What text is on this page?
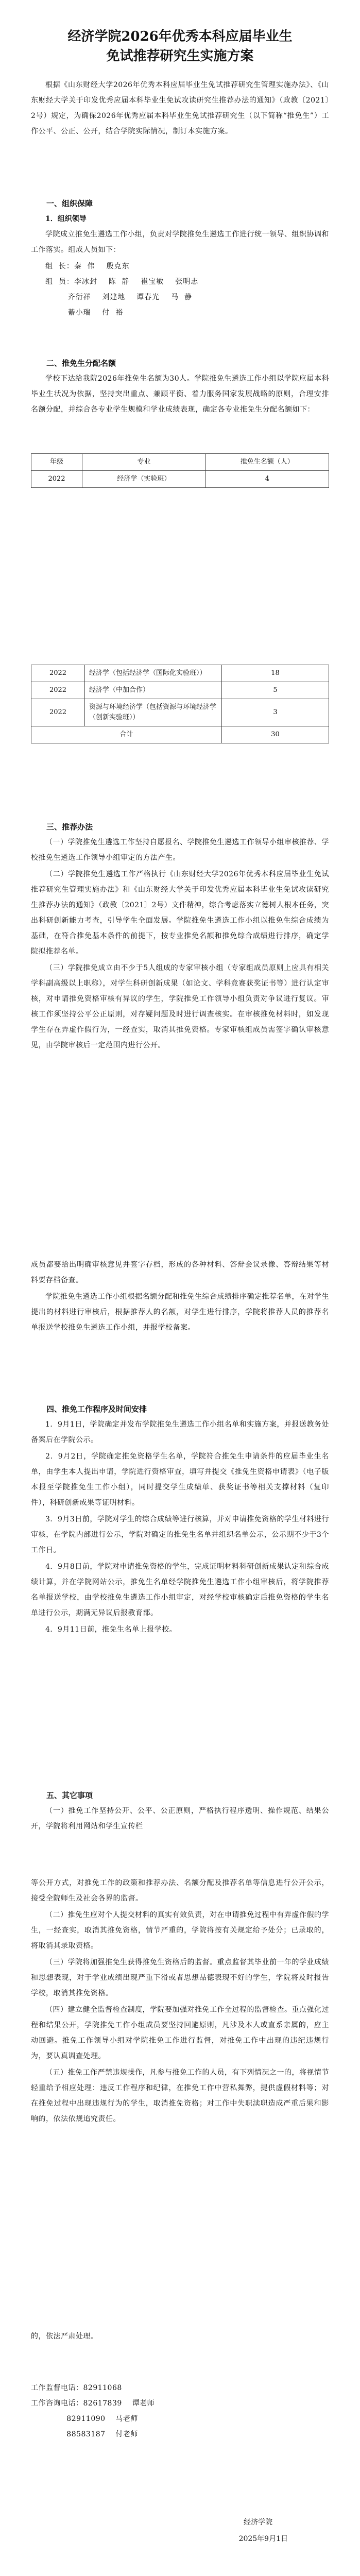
经济学院2026年优秀本科应届毕业生

免试推荐研究生实施方案

根据《山东财经大学2026年优秀本科应届毕业生免试推荐研究生管理实施办法》、《山东财经大学关于印发优秀应届本科毕业生免试攻读研究生推荐办法的通知》（政教〔2021〕2号）规定，为确保2026年优秀应届本科毕业生免试推荐研究生（以下简称“推免生”）工作公平、公正、公开，结合学院实际情况，制订本实施方案。

一、组织保障

1．组织领导

学院成立推免生遴选工作小组，负责对学院推免生遴选工作进行统一领导、组织协调和工作落实。组成人员如下：

组  长：秦  伟    殷克东

组  员：李冰封    陈  静    崔宝敏    张明志

齐衍祥    刘建地    谭春光    马  静

綦小瑞    付  裕

二、推免生分配名额

学校下达给我院2026年推免生名额为30人。学院推免生遴选工作小组以学院应届本科毕业生状况为依据，坚持突出重点、兼顾平衡、着力服务国家发展战略的原则，合理安排名额分配，并综合各专业学生规模和学业成绩表现，确定各专业推免生分配名额如下：

年级	专业	推免生名额（人）
2022	经济学（实验班）	4
2022	经济学（包括经济学（国际化实验班））	18
2022	经济学（中加合作）	5
2022	资源与环境经济学（包括资源与环境经济学（创新实验班））	3
合计		30

三、推荐办法

（一）学院推免生遴选工作坚持自愿报名、学院推免生遴选工作领导小组审核推荐、学校推免生遴选工作领导小组审定的方法产生。

（二）学院推免生遴选工作严格执行《山东财经大学2026年优秀本科应届毕业生免试推荐研究生管理实施办法》和《山东财经大学关于印发优秀应届本科毕业生免试攻读研究生推荐办法的通知》（政教〔2021〕2号）文件精神，综合考虑落实立德树人根本任务，突出科研创新能力考查，引导学生全面发展。学院推免生遴选工作小组以推免生综合成绩为基础，在符合推免基本条件的前提下，按专业推免名额和推免综合成绩进行排序，确定学院拟推荐名单。

（三）学院推免成立由不少于5人组成的专家审核小组（专家组成员原则上应具有相关学科副高级以上职称），对学生科研创新成果（如论文、学科竞赛获奖证书等）进行认定审核，对申请推免资格审核有异议的学生，学院推免工作领导小组负责对争议进行复议。审核工作须坚持公平公正原则，对存疑问题及时进行调查核实。在审核推免材料时，如发现学生存在弄虚作假行为，一经查实，取消其推免资格。专家审核组成员需签字确认审核意见，由学院审核后一定范围内进行公开。

成员都要给出明确审核意见并签字存档，形成的各种材料、答辩会议录像、答辩结果等材料要存档备查。

学院推免生遴选工作小组根据名额分配和推免生综合成绩排序确定推荐名单，在对学生提出的材料进行审核后，根据推荐人的名额，对学生进行排序，学院将推荐人员的推荐名单报送学校推免生遴选工作小组，并报学校备案。

四、推免工作程序及时间安排

1．9月1日，学院确定并发布学院推免生遴选工作小组名单和实施方案，并报送教务处备案后在学院公示。

2．9月2日，学院确定推免资格学生名单，学院符合推免生申请条件的应届毕业生名单，由学生本人提出申请，学院进行资格审查，填写并提交《推免生资格申请表》（电子版本报至学院推免生工作小组），同时提交学生成绩单、获奖证书等相关支撑材料（复印件），科研创新成果等证明材料。

3．9月3日前，学院对学生的综合成绩等进行核算，并对申请推免资格的学生材料进行审核，在学院内部进行公示，学院对确定的推免生名单并组织名单公示，公示期不少于3个工作日。

4．9月8日前，学院对申请推免资格的学生，完成证明材料科研创新成果认定和综合成绩计算，并在学院网站公示，推免生名单经学院推免生遴选工作小组审核后，将学院推荐名单报送学校，由学校推免生遴选工作小组审定，对经学校审核确定后推免资格的学生名单进行公示，期满无异议后报教育部。

4．9月11日前，推免生名单上报学校。

五、其它事项

（一）推免工作坚持公开、公平、公正原则，严格执行程序透明、操作规范、结果公开，学院将利用网站和学生宣传栏

等公开方式，对推免工作的政策和推荐办法、名额分配及推荐名单等信息进行公开公示，接受全院师生及社会各界的监督。

（二）推免生应对个人提交材料的真实有效负责，对在申请推免过程中有弄虚作假的学生，一经查实，取消其推免资格，情节严重的，学院将按有关规定给予处分；已录取的，将取消其录取资格。

（三）学院将加强推免生获得推免生资格后的监督。重点监督其毕业前一年的学业成绩和思想表现，对于学业成绩出现严重下滑或者思想品德表现不好的学生，学院将及时报告学校，取消其推免资格。

（四）建立健全监督检查制度，学院要加强对推免工作全过程的监督检查。重点强化过程和结果公开，学院推免工作小组成员要坚持回避原则，凡涉及本人或直系亲属的，应主动回避。推免工作领导小组对学院推免工作进行监督，对推免工作中出现的违纪违规行为，要认真调查处理。

（五）推免工作严禁违规操作，凡参与推免工作的人员，有下列情况之一的，将视情节轻重给予相应处理：违反工作程序和纪律，在推免工作中营私舞弊，提供虚假材料等；对在推免过程中出现违规行为的学生，取消推免资格；对工作中失职渎职造成严重后果和影响的，依法依规追究责任。

的，依法严肃处理。

工作监督电话：82911068

工作咨询电话：82617839    谭老师

82911090    马老师

88583187    付老师

经济学院

2025年9月1日
